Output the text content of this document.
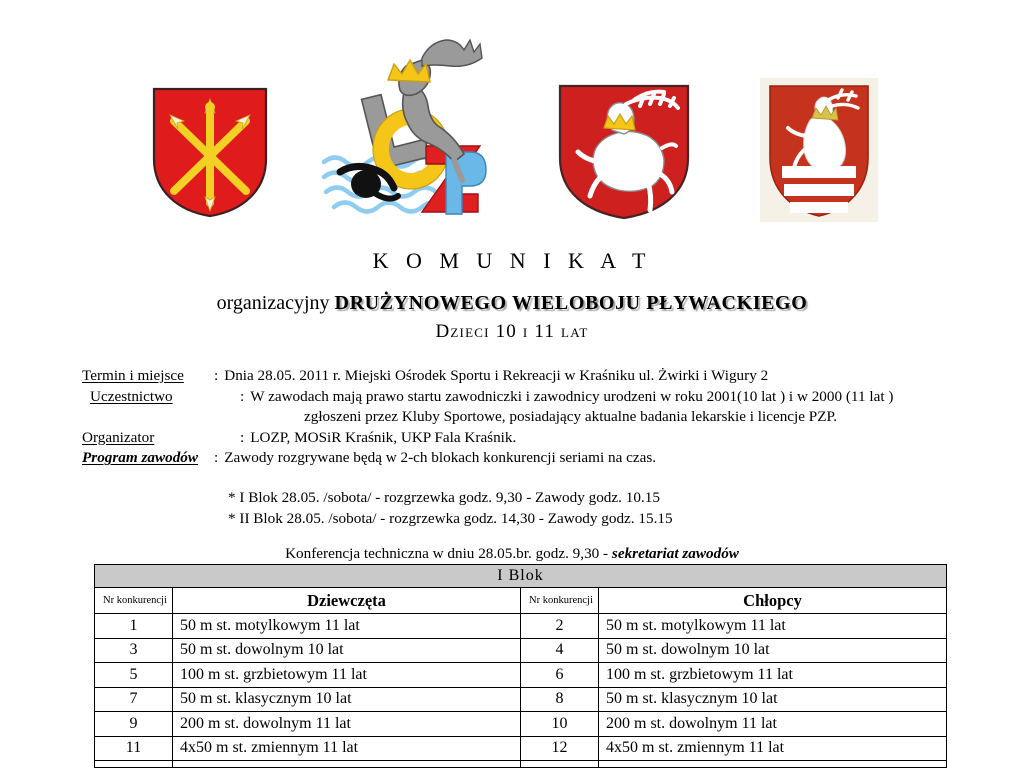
K O M U N I K A T
organizacyjny DRUŻYNOWEGO WIELOBOJU PŁYWACKIEGO
Dzieci 10 i 11 lat
Termin i miejsce	: Dnia 28.05. 2011 r. Miejski Ośrodek Sportu i Rekreacji w Kraśniku ul. Żwirki i Wigury 2
Uczestnictwo	: W zawodach mają prawo startu zawodniczki i zawodnicy urodzeni w roku 2001(10 lat ) i w 2000 (11 lat )
zgłoszeni przez Kluby Sportowe, posiadający aktualne badania lekarskie i licencje PZP.
Organizator	: LOZP, MOSiR Kraśnik, UKP Fala Kraśnik.
Program zawodów	: Zawody rozgrywane będą w 2-ch blokach konkurencji seriami na czas.
* I Blok 28.05. /sobota/ - rozgrzewka godz. 9,30 - Zawody godz. 10.15
* II Blok 28.05. /sobota/ - rozgrzewka godz. 14,30 - Zawody godz. 15.15
Konferencja techniczna w dniu 28.05.br. godz. 9,30 - sekretariat zawodów
I Blok			
Nr konkurencji	Dziewczęta	Nr konkurencji	Chłopcy
1	50 m st. motylkowym 11 lat	2	50 m st. motylkowym 11 lat
3	50 m st. dowolnym 10 lat	4	50 m st. dowolnym 10 lat
5	100 m st. grzbietowym 11 lat	6	100 m st. grzbietowym 11 lat
7	50 m st. klasycznym 10 lat	8	50 m st. klasycznym 10 lat
9	200 m st. dowolnym 11 lat	10	200 m st. dowolnym 11 lat
11	4x50 m st. zmiennym 11 lat	12	4x50 m st. zmiennym 11 lat
